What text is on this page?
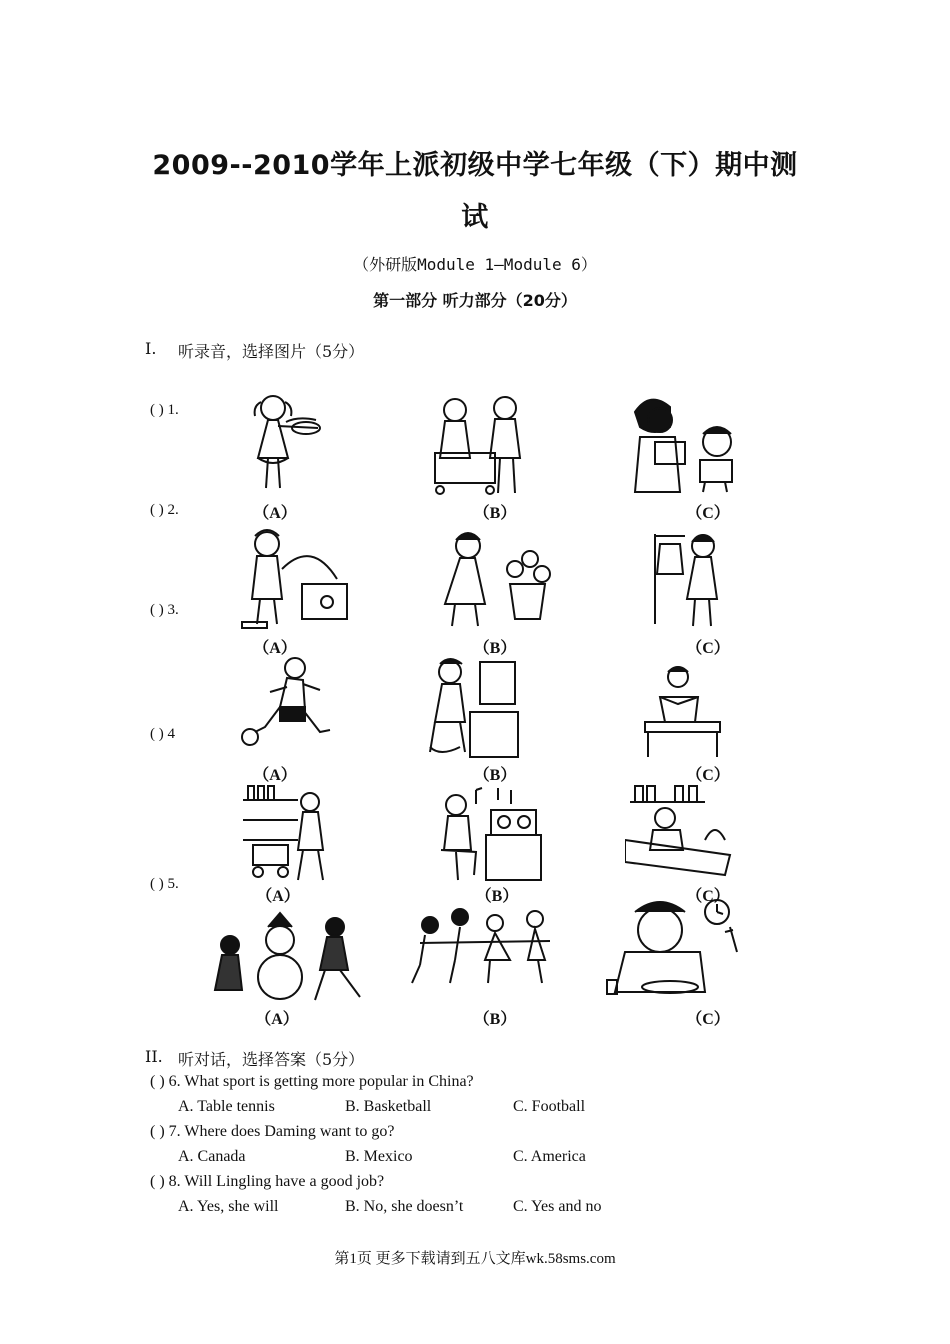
2009--2010学年上派初级中学七年级（下）期中测
试
（外研版Module 1—Module 6）
第一部分 听力部分（20分）
I. 听录音，选择图片（5分）
( ) 1.
( ) 2.
( ) 3.
( ) 4
( ) 5.
（A）	（B）	（C）
（A）	（B）	（C）
（A）	（B）	（C）
（A）	（B）	（C）
（A）	（B）	（C）
II. 听对话，选择答案（5分）
( ) 6. What sport is getting more popular in China?
A. Table tennis	B. Basketball	C. Football
( ) 7. Where does Daming want to go?
A. Canada	B. Mexico	C. America
( ) 8. Will Lingling have a good job?
A. Yes, she will	B. No, she doesn’t	C. Yes and no
第1页 更多下载请到五八文库wk.58sms.com
